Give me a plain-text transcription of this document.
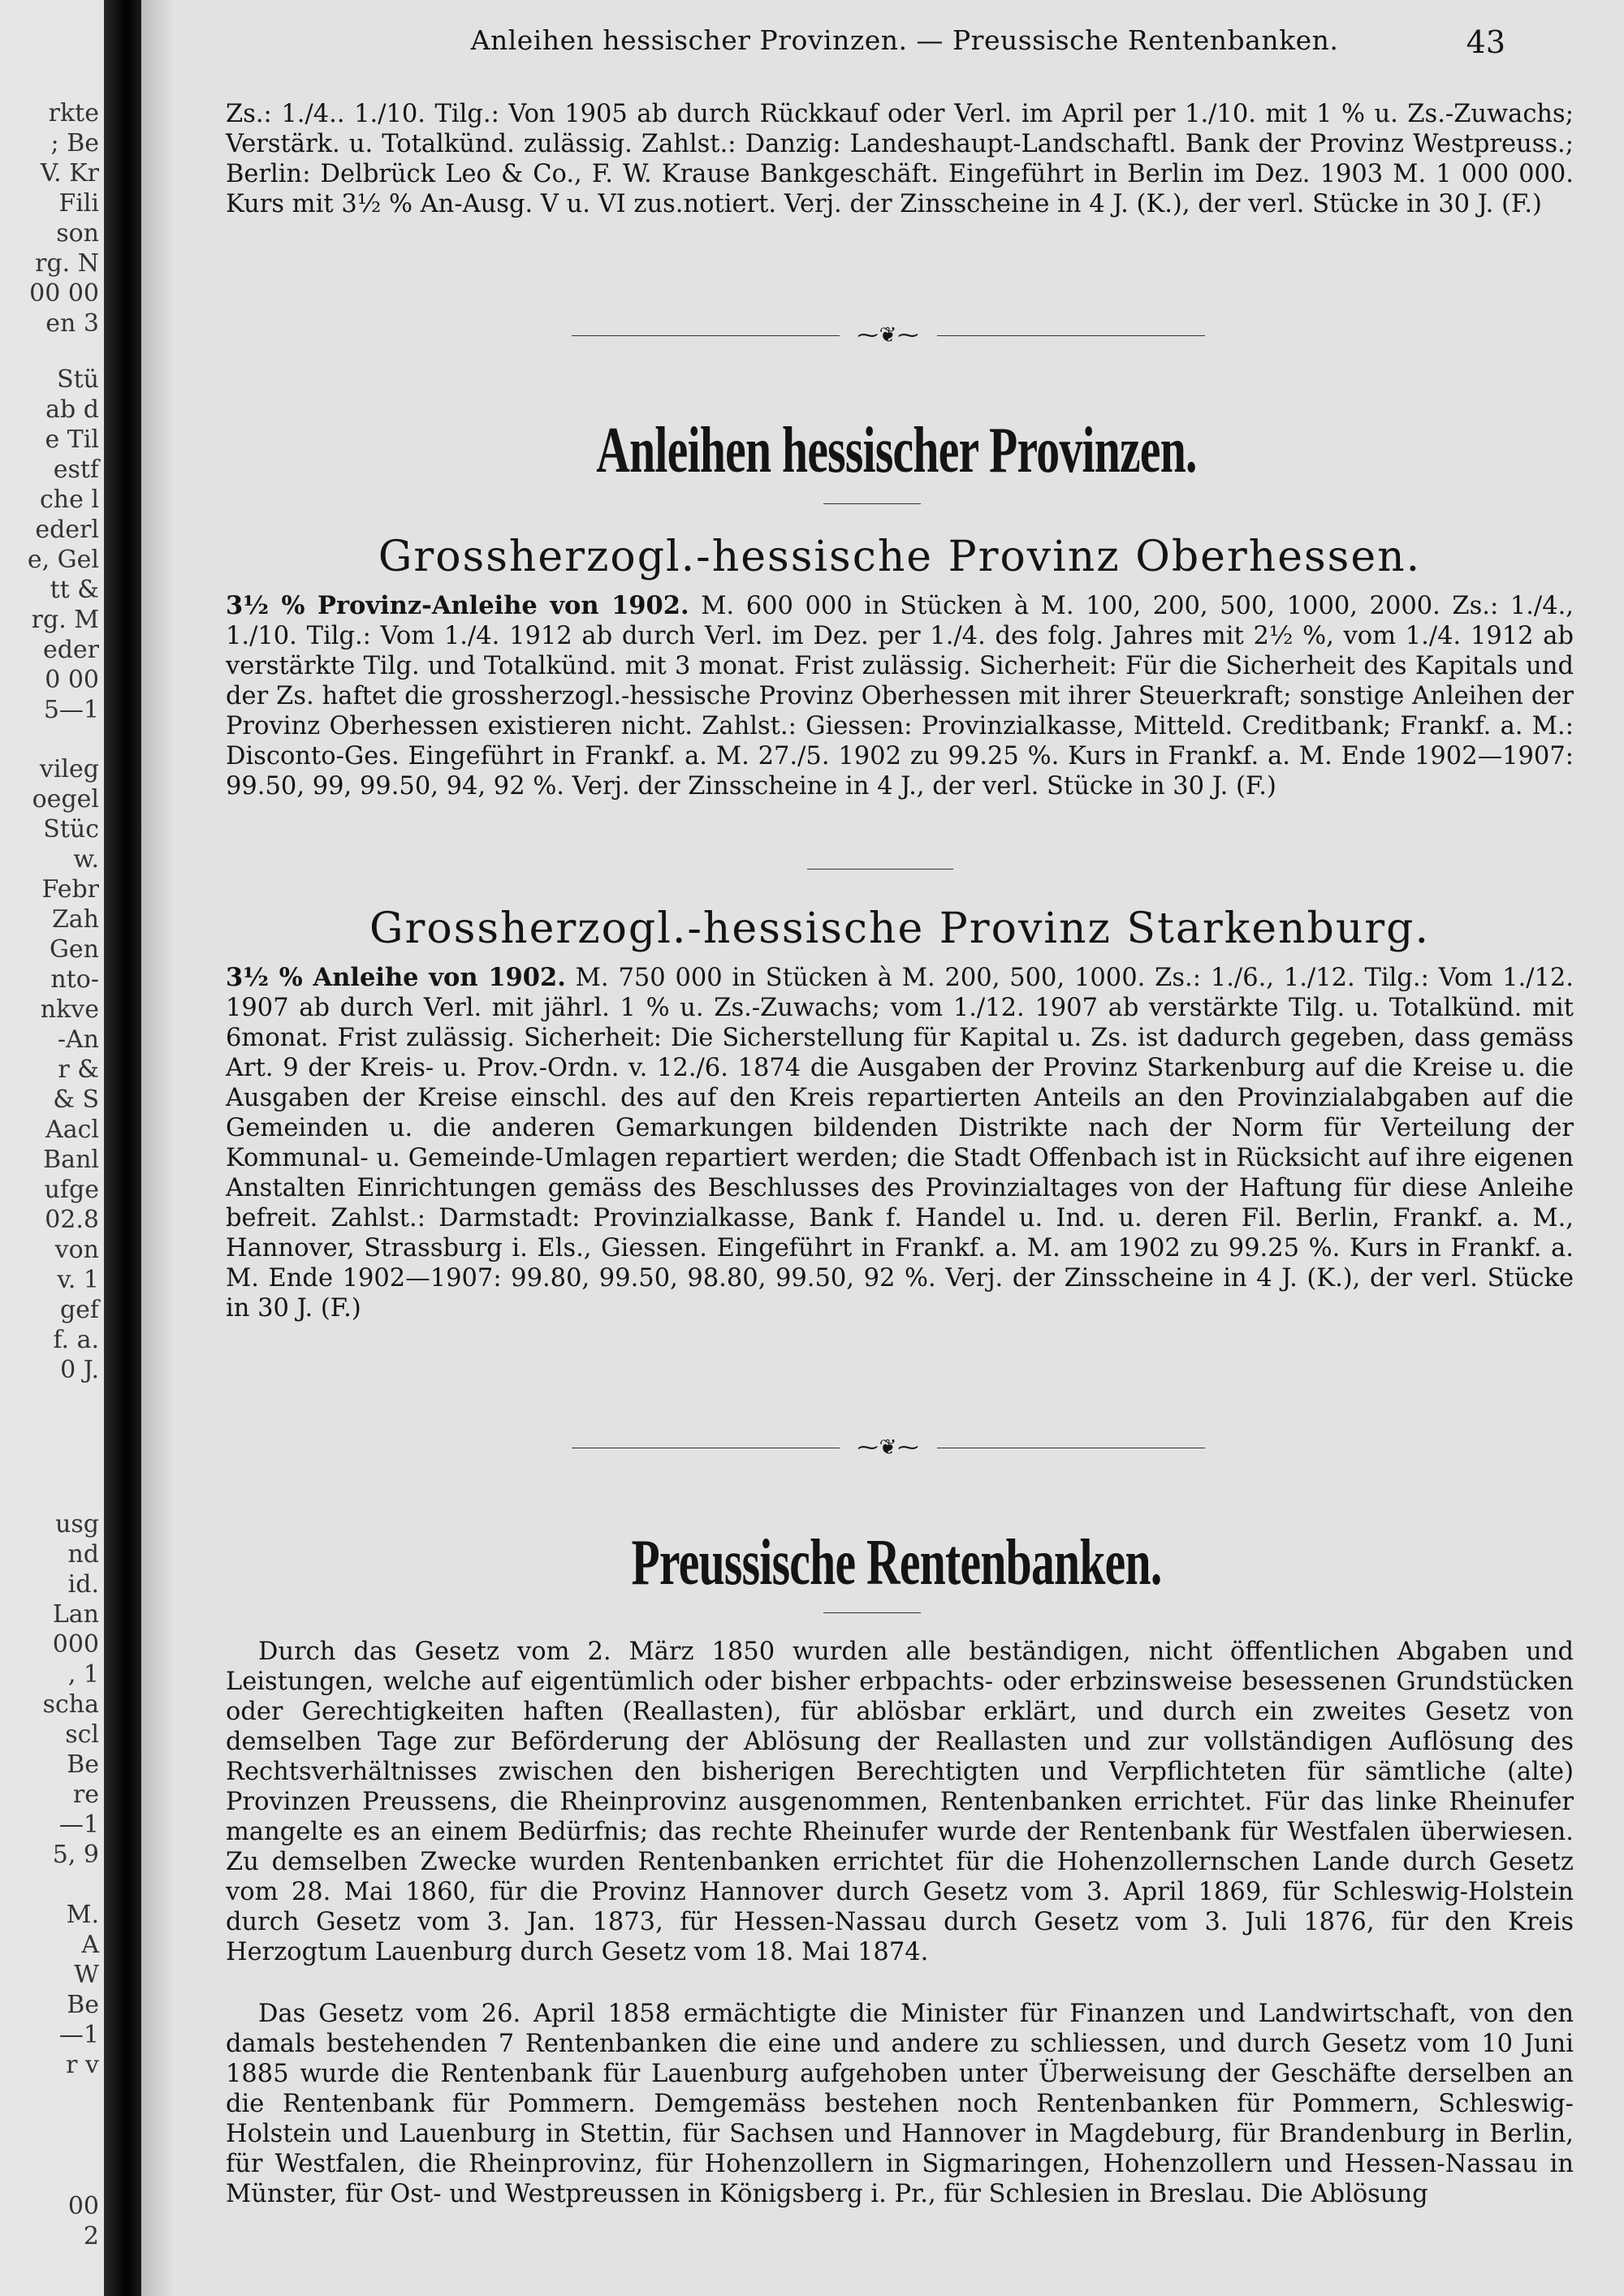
rkte
; Be
V. Kr
Fili
son
rg. N
00 00
en 3
Stü
ab d
e Til
estf
che l
ederl
e, Gel
tt &
rg. M
eder
0 00
5—1
vileg
oegel
Stüc
w.
Febr
Zah
Gen
nto-
nkve
-An
r &
& S
Aacl
Banl
ufge
02.8
von
v. 1
gef
f. a.
0 J.
usg
nd
id.
Lan
000
, 1
scha
scl
Be
re
—1
5, 9
M.
A
W
Be
—1
r v
00
2
Anleihen hessischer Provinzen. — Preussische Rentenbanken.	43

Zs.: 1./4.. 1./10. Tilg.: Von 1905 ab durch Rückkauf oder Verl. im April per 1./10. mit 1 % u. Zs.-Zuwachs; Verstärk. u. Totalkünd. zulässig. Zahlst.: Danzig: Landeshaupt-Landschaftl. Bank der Provinz Westpreuss.; Berlin: Delbrück Leo & Co., F. W. Krause Bankgeschäft. Eingeführt in Berlin im Dez. 1903 M. 1 000 000. Kurs mit 3½ % An-Ausg. V u. VI zus.notiert. Verj. der Zinsscheine in 4 J. (K.), der verl. Stücke in 30 J. (F.)

⁓❦⁓
Anleihen hessischer Provinzen.
Grossherzogl.-hessische Provinz Oberhessen.

3½ % Provinz-Anleihe von 1902. M. 600 000 in Stücken à M. 100, 200, 500, 1000, 2000. Zs.: 1./4., 1./10. Tilg.: Vom 1./4. 1912 ab durch Verl. im Dez. per 1./4. des folg. Jahres mit 2½ %, vom 1./4. 1912 ab verstärkte Tilg. und Totalkünd. mit 3 monat. Frist zulässig. Sicherheit: Für die Sicherheit des Kapitals und der Zs. haftet die grossherzogl.-hessische Provinz Oberhessen mit ihrer Steuerkraft; sonstige Anleihen der Provinz Oberhessen existieren nicht. Zahlst.: Giessen: Provinzialkasse, Mitteld. Creditbank; Frankf. a. M.: Disconto-Ges. Eingeführt in Frankf. a. M. 27./5. 1902 zu 99.25 %. Kurs in Frankf. a. M. Ende 1902—1907: 99.50, 99, 99.50, 94, 92 %. Verj. der Zinsscheine in 4 J., der verl. Stücke in 30 J. (F.)

Grossherzogl.-hessische Provinz Starkenburg.

3½ % Anleihe von 1902. M. 750 000 in Stücken à M. 200, 500, 1000. Zs.: 1./6., 1./12. Tilg.: Vom 1./12. 1907 ab durch Verl. mit jährl. 1 % u. Zs.-Zuwachs; vom 1./12. 1907 ab verstärkte Tilg. u. Totalkünd. mit 6monat. Frist zulässig. Sicherheit: Die Sicherstellung für Kapital u. Zs. ist dadurch gegeben, dass gemäss Art. 9 der Kreis- u. Prov.-Ordn. v. 12./6. 1874 die Ausgaben der Provinz Starkenburg auf die Kreise u. die Ausgaben der Kreise einschl. des auf den Kreis repartierten Anteils an den Provinzialabgaben auf die Gemeinden u. die anderen Gemarkungen bildenden Distrikte nach der Norm für Verteilung der Kommunal- u. Gemeinde-Umlagen repartiert werden; die Stadt Offenbach ist in Rücksicht auf ihre eigenen Anstalten Einrichtungen gemäss des Beschlusses des Provinzialtages von der Haftung für diese Anleihe befreit. Zahlst.: Darmstadt: Provinzialkasse, Bank f. Handel u. Ind. u. deren Fil. Berlin, Frankf. a. M., Hannover, Strassburg i. Els., Giessen. Eingeführt in Frankf. a. M. am 1902 zu 99.25 %. Kurs in Frankf. a. M. Ende 1902—1907: 99.80, 99.50, 98.80, 99.50, 92 %. Verj. der Zinsscheine in 4 J. (K.), der verl. Stücke in 30 J. (F.)

⁓❦⁓
Preussische Rentenbanken.

Durch das Gesetz vom 2. März 1850 wurden alle beständigen, nicht öffentlichen Abgaben und Leistungen, welche auf eigentümlich oder bisher erbpachts- oder erbzinsweise besessenen Grundstücken oder Gerechtigkeiten haften (Reallasten), für ablösbar erklärt, und durch ein zweites Gesetz von demselben Tage zur Beförderung der Ablösung der Reallasten und zur vollständigen Auflösung des Rechtsverhältnisses zwischen den bisherigen Berechtigten und Verpflichteten für sämtliche (alte) Provinzen Preussens, die Rheinprovinz ausgenommen, Rentenbanken errichtet. Für das linke Rheinufer mangelte es an einem Bedürfnis; das rechte Rheinufer wurde der Rentenbank für Westfalen überwiesen. Zu demselben Zwecke wurden Rentenbanken errichtet für die Hohenzollernschen Lande durch Gesetz vom 28. Mai 1860, für die Provinz Hannover durch Gesetz vom 3. April 1869, für Schleswig-Holstein durch Gesetz vom 3. Jan. 1873, für Hessen-Nassau durch Gesetz vom 3. Juli 1876, für den Kreis Herzogtum Lauenburg durch Gesetz vom 18. Mai 1874.

Das Gesetz vom 26. April 1858 ermächtigte die Minister für Finanzen und Landwirtschaft, von den damals bestehenden 7 Rentenbanken die eine und andere zu schliessen, und durch Gesetz vom 10 Juni 1885 wurde die Rentenbank für Lauenburg aufgehoben unter Überweisung der Geschäfte derselben an die Rentenbank für Pommern. Demgemäss bestehen noch Rentenbanken für Pommern, Schleswig-Holstein und Lauenburg in Stettin, für Sachsen und Hannover in Magdeburg, für Brandenburg in Berlin, für Westfalen, die Rheinprovinz, für Hohenzollern in Sigmaringen, Hohenzollern und Hessen-Nassau in Münster, für Ost- und Westpreussen in Königsberg i. Pr., für Schlesien in Breslau. Die Ablösung
